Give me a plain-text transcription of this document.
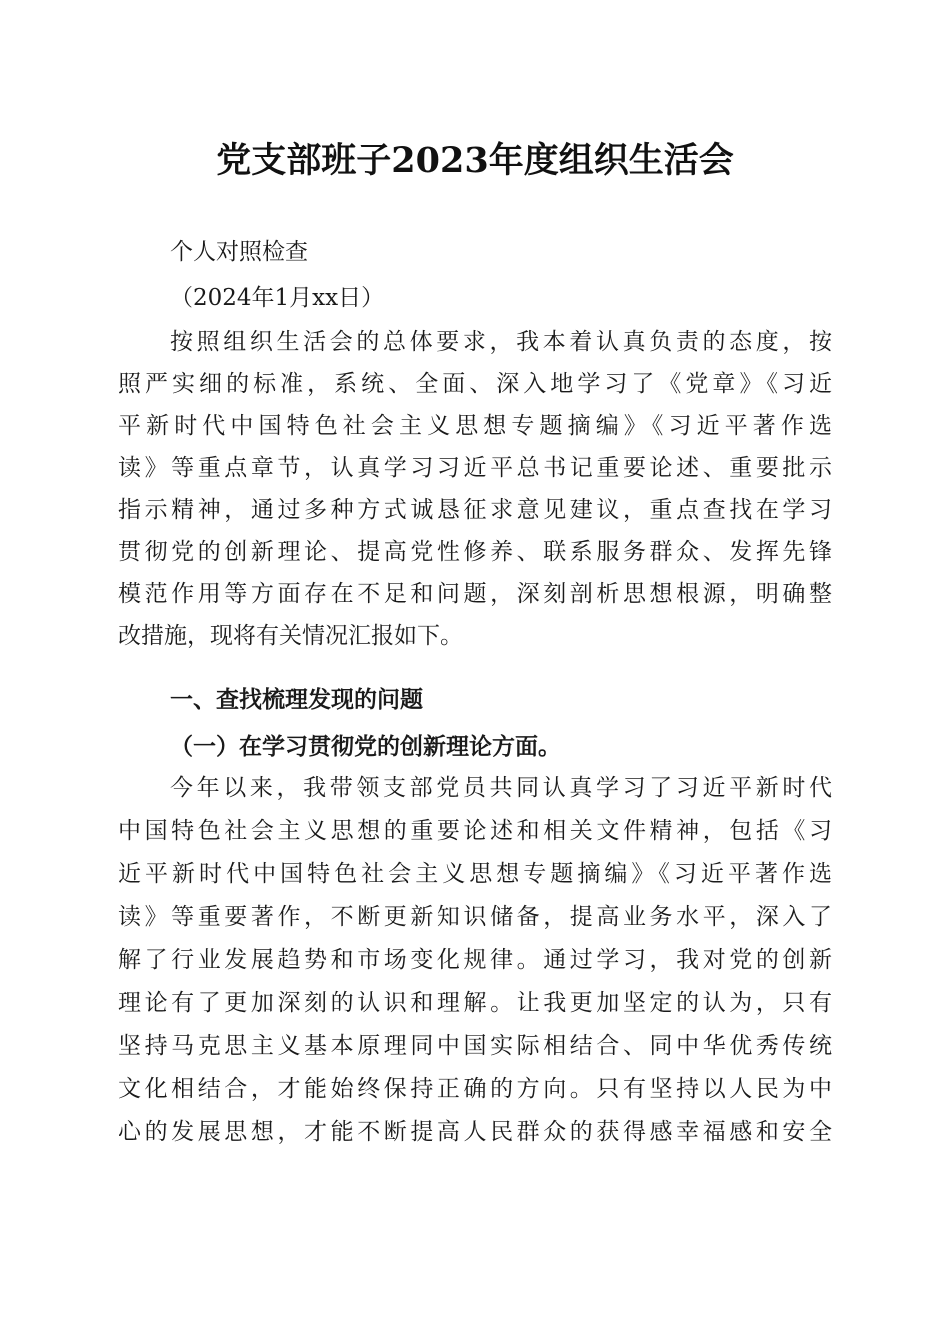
党支部班子2023年度组织生活会
个人对照检查
（2024年1月xx日）
按照组织生活会的总体要求，我本着认真负责的态度，按
照严实细的标准，系统、全面、深入地学习了《党章》《习近
平新时代中国特色社会主义思想专题摘编》《习近平著作选
读》等重点章节，认真学习习近平总书记重要论述、重要批示
指示精神，通过多种方式诚恳征求意见建议，重点查找在学习
贯彻党的创新理论、提高党性修养、联系服务群众、发挥先锋
模范作用等方面存在不足和问题，深刻剖析思想根源，明确整
改措施，现将有关情况汇报如下。
一、查找梳理发现的问题
（一）在学习贯彻党的创新理论方面。
今年以来，我带领支部党员共同认真学习了习近平新时代
中国特色社会主义思想的重要论述和相关文件精神，包括《习
近平新时代中国特色社会主义思想专题摘编》《习近平著作选
读》等重要著作，不断更新知识储备，提高业务水平，深入了
解了行业发展趋势和市场变化规律。通过学习，我对党的创新
理论有了更加深刻的认识和理解。让我更加坚定的认为，只有
坚持马克思主义基本原理同中国实际相结合、同中华优秀传统
文化相结合，才能始终保持正确的方向。只有坚持以人民为中
心的发展思想，才能不断提高人民群众的获得感幸福感和安全
